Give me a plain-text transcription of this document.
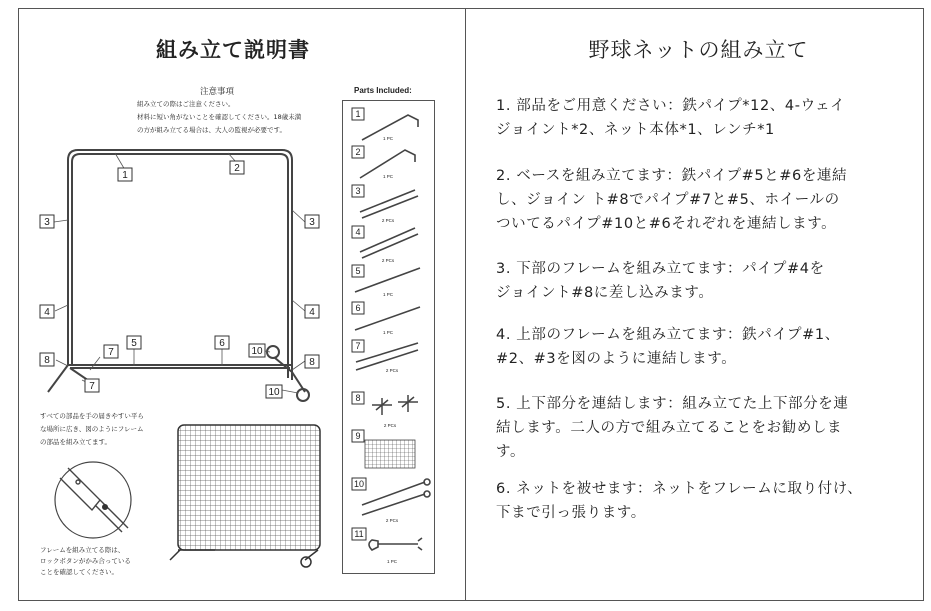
組み立て説明書
注意事項
組み立ての際はご注意ください。
材料に短い角がないことを確認してください。18歳未満
の方が組み立てる場合は、大人の監視が必要です。
Parts Included:
1
2
3	3
4	4
5	6
7
7
8	8
10
10
1
2
3
4
5
6
7
8
9
10
11
1 PC
1 PC
2 PCs
2 PCs
1 PC
1 PC
2 PCs
2 PCs
2 PCs
1 PC
すべての部品を手の届きやすい平ら
な場所に広き、図のようにフレーム
の部品を組み立てます。
フレームを組み立てる際は、
ロックボタンがかみ合っている
ことを確認してください。
野球ネットの組み立て
1. 部品をご用意ください：鉄パイプ*12、4-ウェイ
ジョイント*2、ネット本体*1、レンチ*1
2. ベースを組み立てます：鉄パイプ#5と#6を連結
し、ジョイン ト#8でパイプ#7と#5、ホイールの
ついてるパイプ#10と#6それぞれを連結します。
3. 下部のフレームを組み立てます：パイプ#4を
ジョイント#8に差し込みます。
4. 上部のフレームを組み立てます：鉄パイプ#1、
#2、#3を図のように連結します。
5. 上下部分を連結します：組み立てた上下部分を連
結します。二人の方で組み立てることをお勧めしま
す。
6. ネットを被せます：ネットをフレームに取り付け、
下まで引っ張ります。
